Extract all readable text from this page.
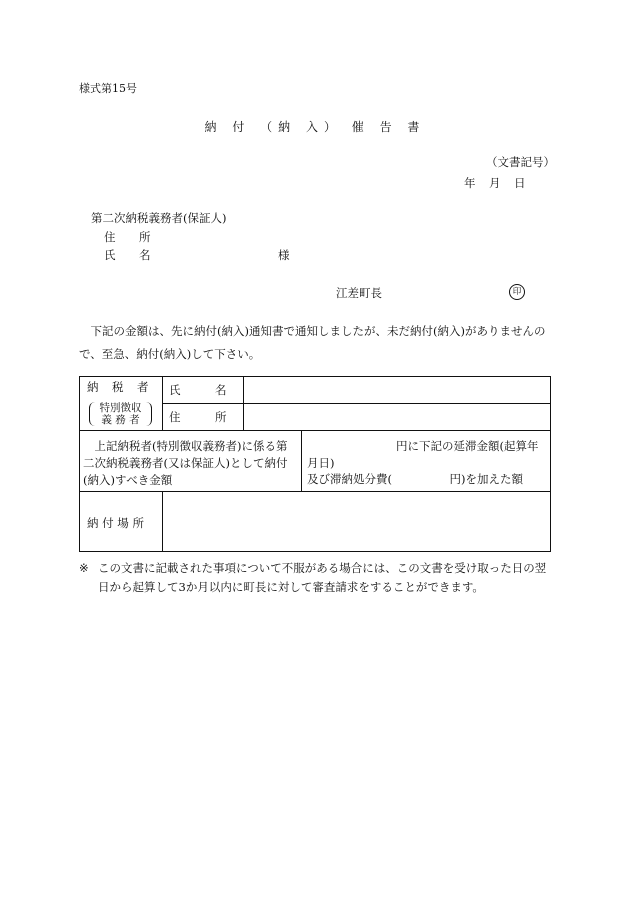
様式第15号
納 付 （納 入） 催 告 書
（文書記号）
年　月　日
第二次納税義務者(保証人)
住　所
氏　名	様
江差町長	印
下記の金額は、先に納付(納入)通知書で通知しましたが、未だ納付(納入)がありませんので、至急、納付(納入)して下さい。
納　税　者
特別徴収
義 務 者
氏　　　名
住　　　所
上記納税者(特別徴収義務者)に係る第二次納税義務者(又は保証人)として納付(納入)すべき金額
円に下記の延滞金額(起算年月日)
及び滞納処分費(　　　　　円)を加えた額
納 付 場 所
※ この文書に記載された事項について不服がある場合には、この文書を受け取った日の翌日から起算して3か月以内に町長に対して審査請求をすることができます。
